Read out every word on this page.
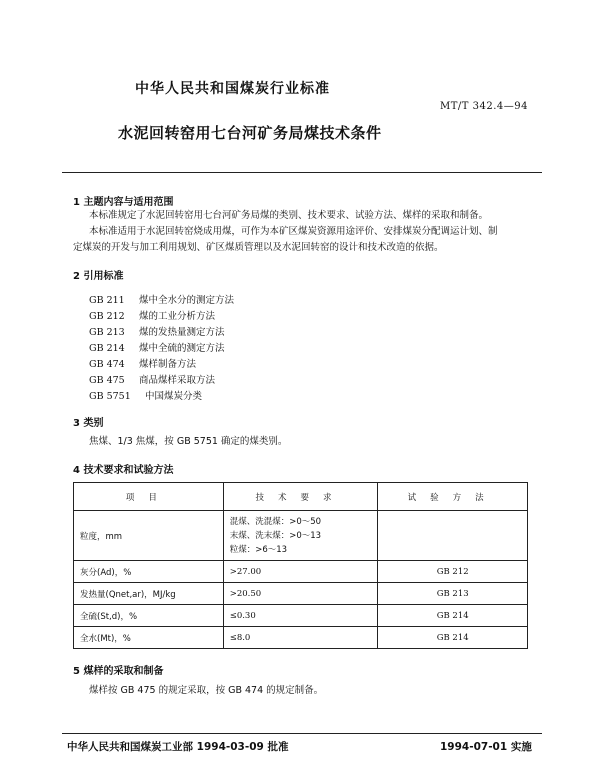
中华人民共和国煤炭行业标准
MT/T 342.4—94
水泥回转窑用七台河矿务局煤技术条件
1 主题内容与适用范围
本标准规定了水泥回转窑用七台河矿务局煤的类别、技术要求、试验方法、煤样的采取和制备。
本标准适用于水泥回转窑烧成用煤，可作为本矿区煤炭资源用途评价、安排煤炭分配调运计划、制
定煤炭的开发与加工利用规划、矿区煤质管理以及水泥回转窑的设计和技术改造的依据。
2 引用标准
GB 211 煤中全水分的测定方法
GB 212 煤的工业分析方法
GB 213 煤的发热量测定方法
GB 214 煤中全硫的测定方法
GB 474 煤样制备方法
GB 475 商品煤样采取方法
GB 5751 中国煤炭分类
3 类别
焦煤、1/3 焦煤，按 GB 5751 确定的煤类别。
4 技术要求和试验方法
项目	技术要求	试验方法
粒度，mm	混煤、洗混煤：>0～50
末煤、洗末煤：>0～13
粒煤：>6～13	

灰分(Ad)，%	>27.00	GB 212
发热量(Qnet,ar)，MJ/kg	>20.50	GB 213
全硫(St,d)，%	≤0.30	GB 214
全水(Mt)，%	≤8.0	GB 214
5 煤样的采取和制备
煤样按 GB 475 的规定采取，按 GB 474 的规定制备。
中华人民共和国煤炭工业部 1994-03-09 批准	1994-07-01 实施
